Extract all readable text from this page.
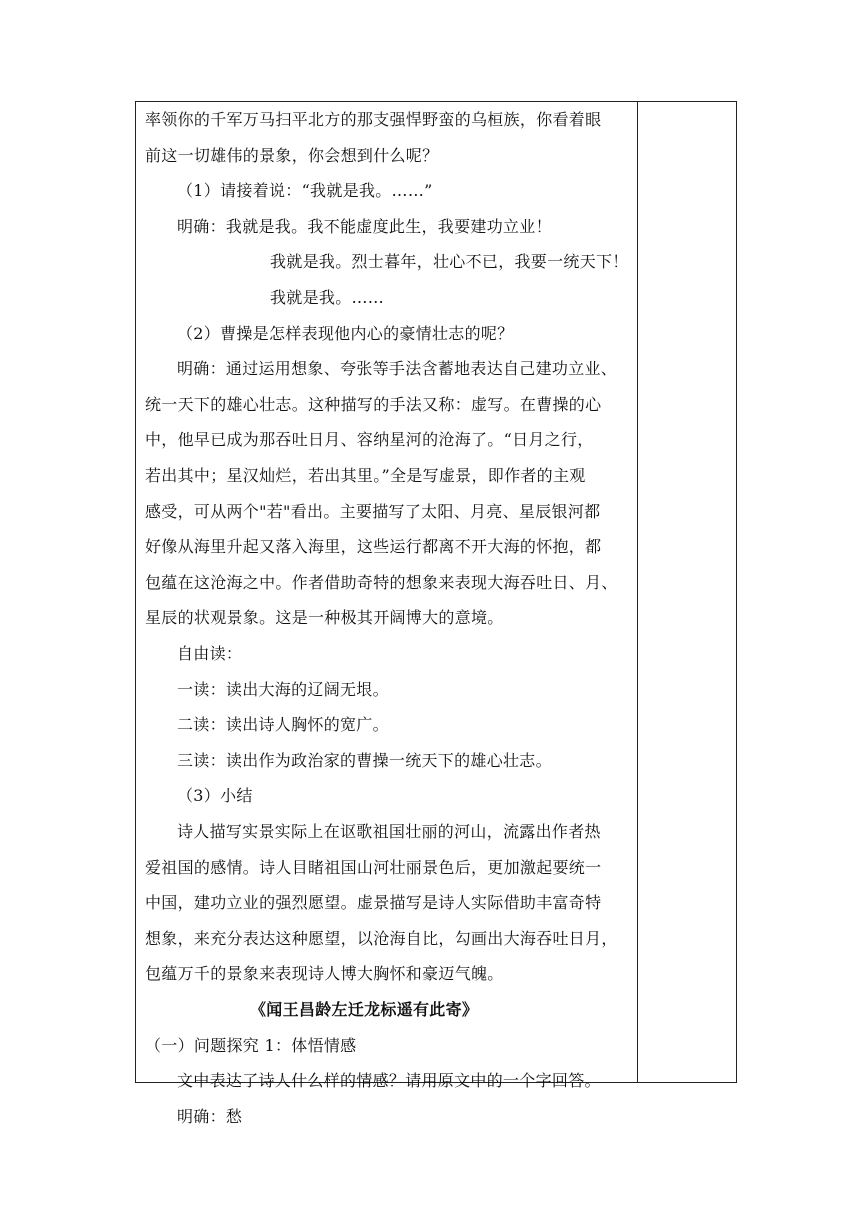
率领你的千军万马扫平北方的那支强悍野蛮的乌桓族，你看着眼
前这一切雄伟的景象，你会想到什么呢？
（1）请接着说：“我就是我。……”
明确：我就是我。我不能虚度此生，我要建功立业！
我就是我。烈士暮年，壮心不已，我要一统天下！
我就是我。……
（2）曹操是怎样表现他内心的豪情壮志的呢？
明确：通过运用想象、夸张等手法含蓄地表达自己建功立业、
统一天下的雄心壮志。这种描写的手法又称：虚写。在曹操的心
中，他早已成为那吞吐日月、容纳星河的沧海了。“日月之行，
若出其中；星汉灿烂，若出其里。”全是写虚景，即作者的主观
感受，可从两个"若"看出。主要描写了太阳、月亮、星辰银河都
好像从海里升起又落入海里，这些运行都离不开大海的怀抱，都
包蕴在这沧海之中。作者借助奇特的想象来表现大海吞吐日、月、
星辰的状观景象。这是一种极其开阔博大的意境。
自由读：
一读：读出大海的辽阔无垠。
二读：读出诗人胸怀的宽广。
三读：读出作为政治家的曹操一统天下的雄心壮志。
（3）小结
诗人描写实景实际上在讴歌祖国壮丽的河山，流露出作者热
爱祖国的感情。诗人目睹祖国山河壮丽景色后，更加激起要统一
中国，建功立业的强烈愿望。虚景描写是诗人实际借助丰富奇特
想象，来充分表达这种愿望，以沧海自比，勾画出大海吞吐日月，
包蕴万千的景象来表现诗人博大胸怀和豪迈气魄。
《闻王昌龄左迁龙标遥有此寄》
（一）问题探究 1：体悟情感
文中表达了诗人什么样的情感？请用原文中的一个字回答。
明确：愁
